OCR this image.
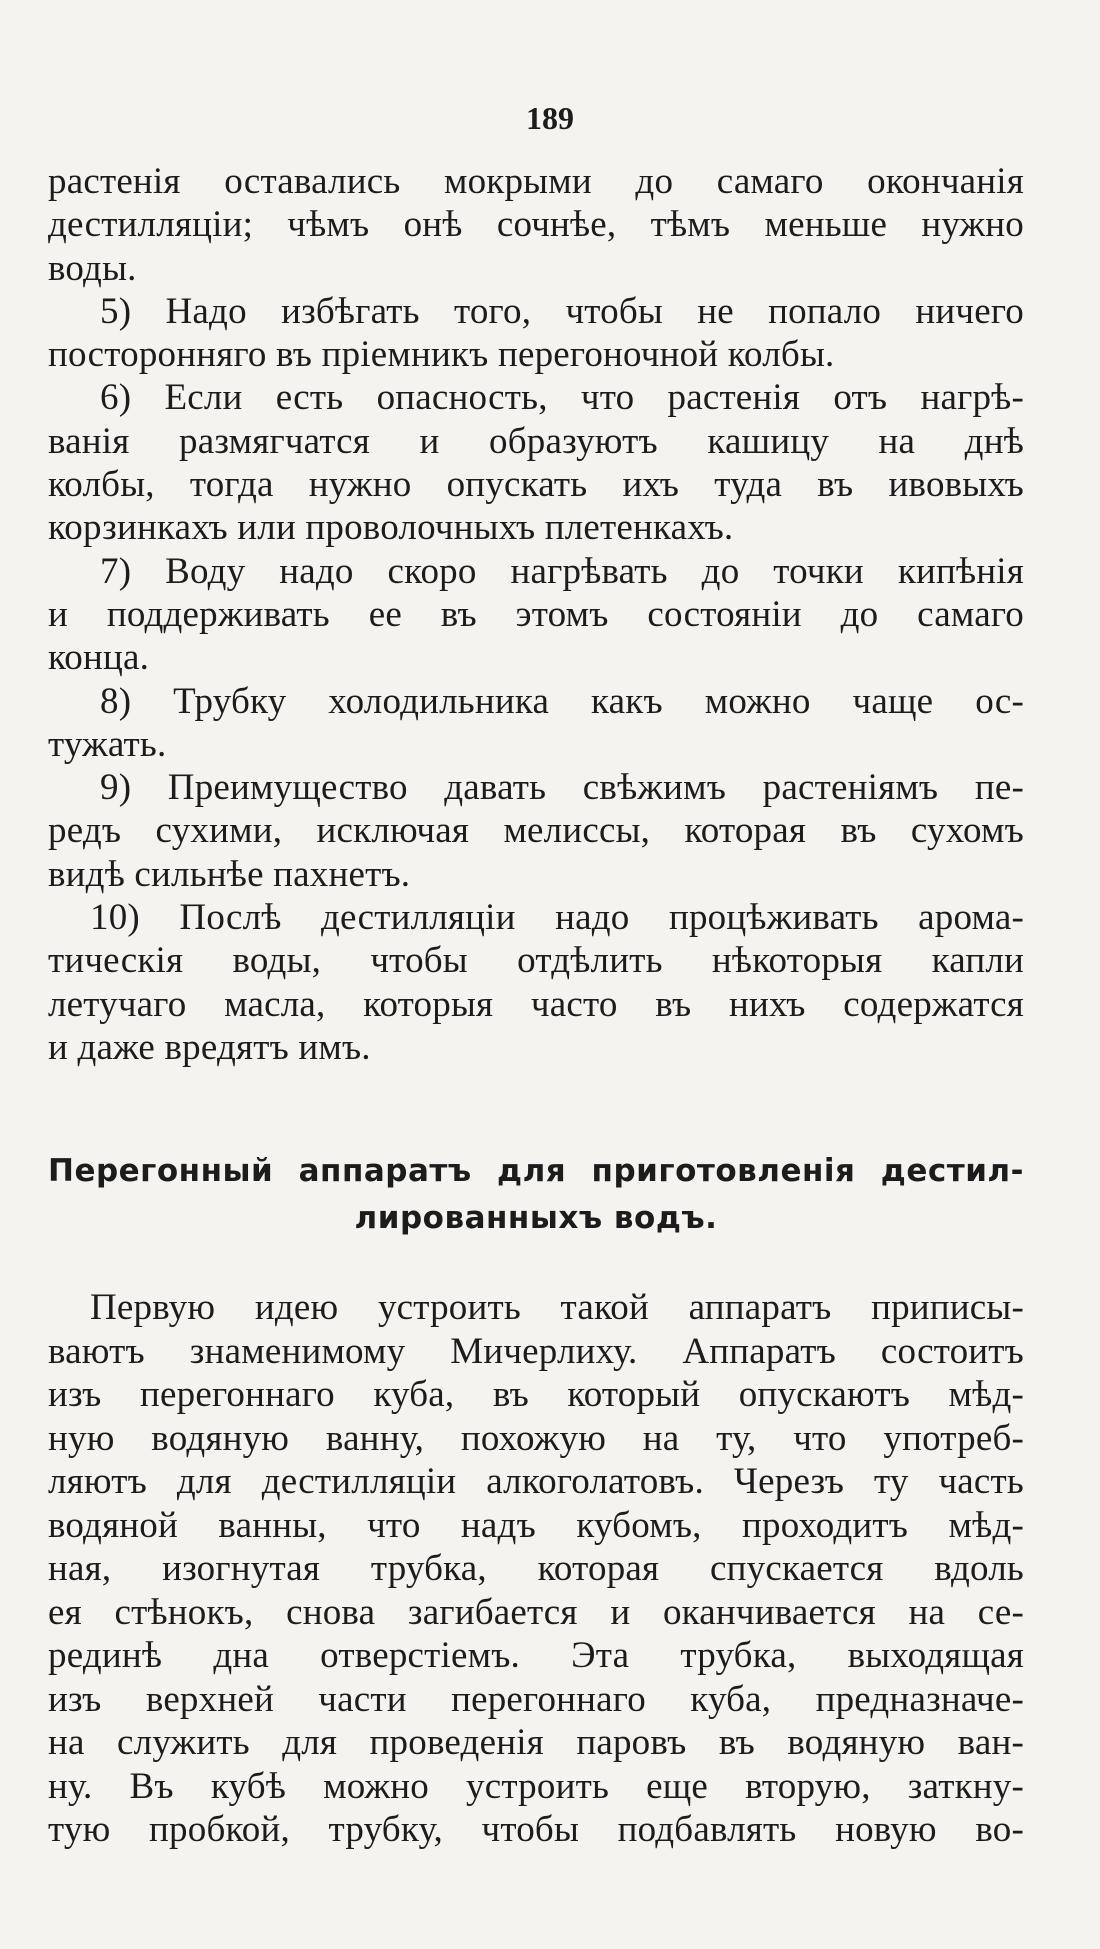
189
растенія оставались мокрыми до самаго окончанія
дестилляціи; чѣмъ онѣ сочнѣе, тѣмъ меньше нужно
воды.
5) Надо избѣгать того, чтобы не попало ничего
посторонняго въ пріемникъ перегоночной колбы.
6) Если есть опасность, что растенія отъ нагрѣ-
ванія размягчатся и образуютъ кашицу на днѣ
колбы, тогда нужно опускать ихъ туда въ ивовыхъ
корзинкахъ или проволочныхъ плетенкахъ.
7) Воду надо скоро нагрѣвать до точки кипѣнія
и поддерживать ее въ этомъ состояніи до самаго
конца.
8) Трубку холодильника какъ можно чаще ос-
тужать.
9) Преимущество давать свѣжимъ растеніямъ пе-
редъ сухими, исключая мелиссы, которая въ сухомъ
видѣ сильнѣе пахнетъ.
10) Послѣ дестилляціи надо процѣживать арома-
тическія воды, чтобы отдѣлить нѣкоторыя капли
летучаго масла, которыя часто въ нихъ содержатся
и даже вредятъ имъ.
Перегонный аппаратъ для приготовленія дестил-
лированныхъ водъ.
Первую идею устроить такой аппаратъ приписы-
ваютъ знаменимому Мичерлиху. Аппаратъ состоитъ
изъ перегоннаго куба, въ который опускаютъ мѣд-
ную водяную ванну, похожую на ту, что употреб-
ляютъ для дестилляціи алкоголатовъ. Черезъ ту часть
водяной ванны, что надъ кубомъ, проходитъ мѣд-
ная, изогнутая трубка, которая спускается вдоль
ея стѣнокъ, снова загибается и оканчивается на се-
рединѣ дна отверстіемъ. Эта трубка, выходящая
изъ верхней части перегоннаго куба, предназначе-
на служить для проведенія паровъ въ водяную ван-
ну. Въ кубѣ можно устроить еще вторую, заткну-
тую пробкой, трубку, чтобы подбавлять новую во-
